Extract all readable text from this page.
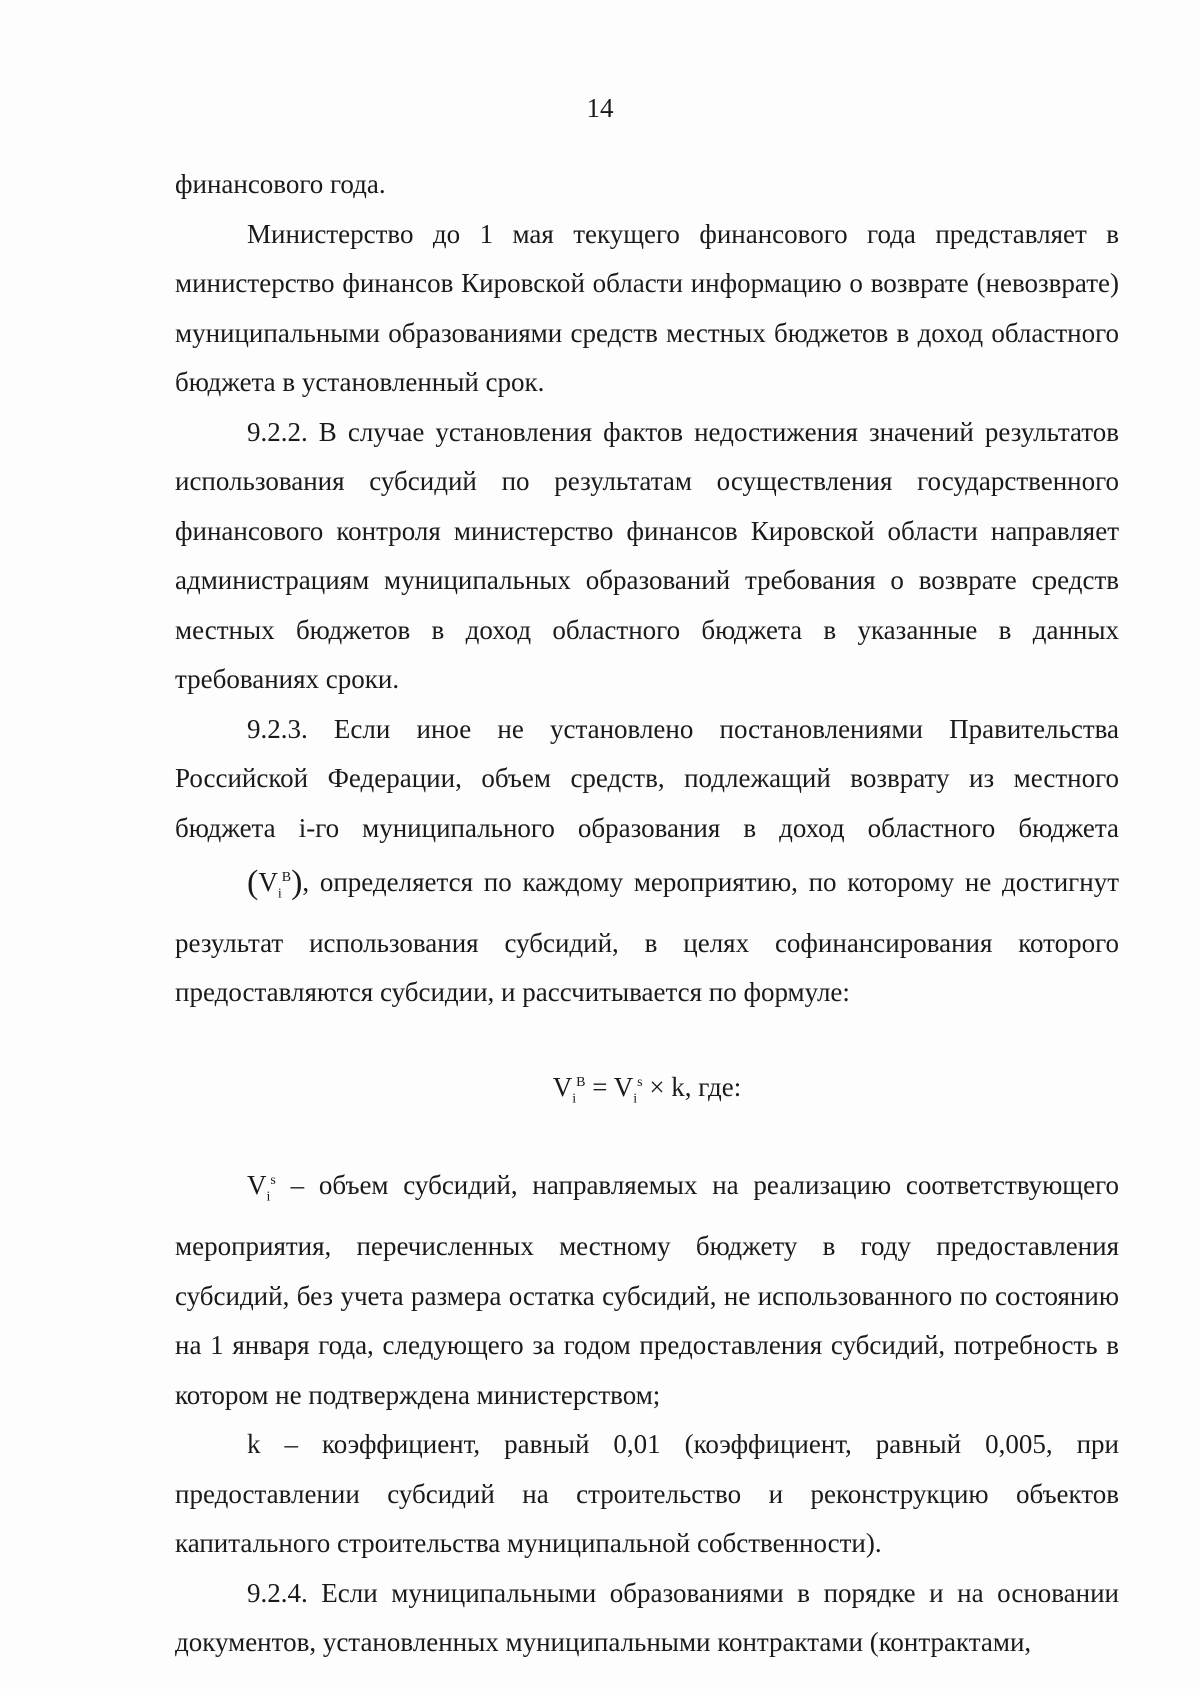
14

финансового года.

Министерство до 1 мая текущего финансового года представляет в министерство финансов Кировской области информацию о возврате (невозврате) муниципальными образованиями средств местных бюджетов в доход областного бюджета в установленный срок.

9.2.2. В случае установления фактов недостижения значений результатов использования субсидий по результатам осуществления государственного финансового контроля министерство финансов Кировской области направляет администрациям муниципальных образований требования о возврате средств местных бюджетов в доход областного бюджета в указанные в данных требованиях сроки.

9.2.3. Если иное не установлено постановлениями Правительства Российской Федерации, объем средств, подлежащий возврату из местного бюджета i-го муниципального образования в доход областного бюджета $(V_i^B)$, определяется по каждому мероприятию, по которому не достигнут результат использования субсидий, в целях софинансирования которого предоставляются субсидии, и рассчитывается по формуле:

$V_i^B = V_i^s \times k$, где:

$V_i^s$ – объем субсидий, направляемых на реализацию соответствующего мероприятия, перечисленных местному бюджету в году предоставления субсидий, без учета размера остатка субсидий, не использованного по состоянию на 1 января года, следующего за годом предоставления субсидий, потребность в котором не подтверждена министерством;

k – коэффициент, равный 0,01 (коэффициент, равный 0,005, при предоставлении субсидий на строительство и реконструкцию объектов капитального строительства муниципальной собственности).

9.2.4. Если муниципальными образованиями в порядке и на основании документов, установленных муниципальными контрактами (контрактами,
